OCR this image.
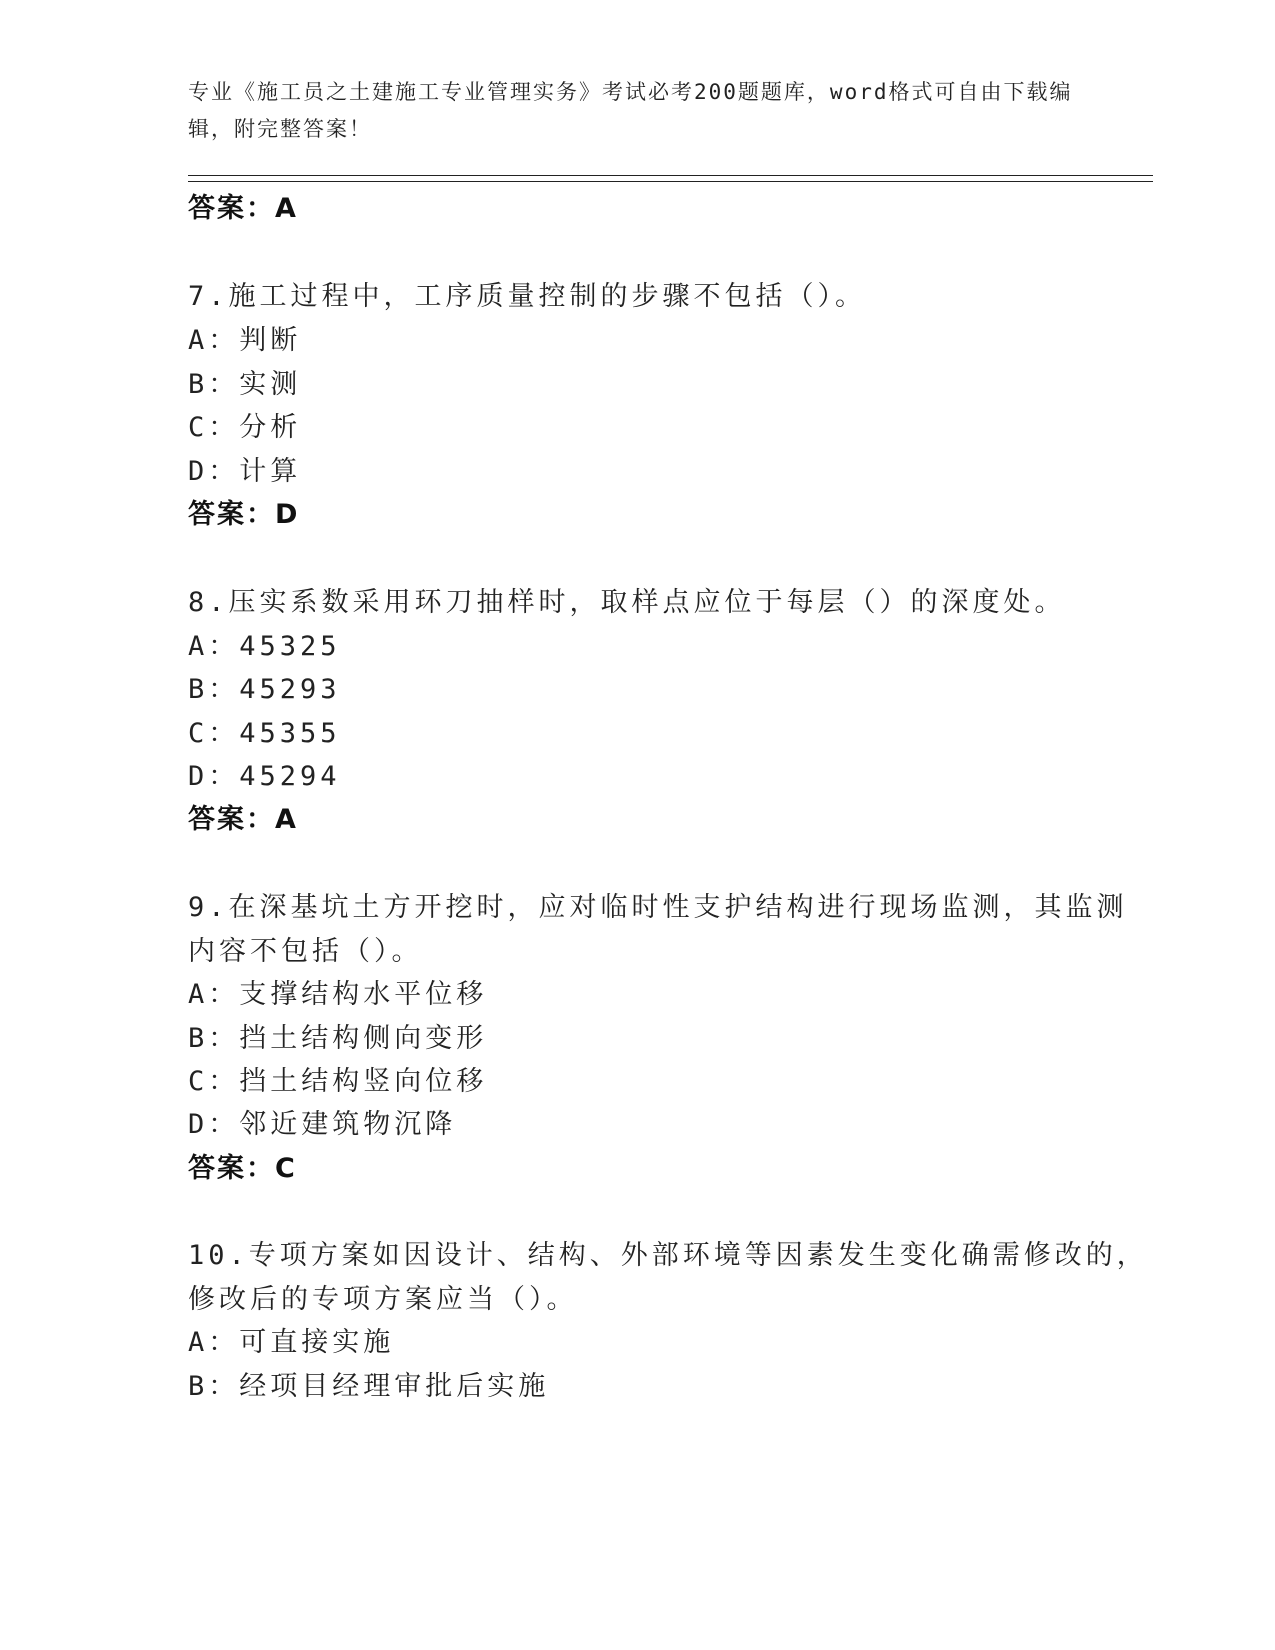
专业《施工员之土建施工专业管理实务》考试必考200题题库，word格式可自由下载编辑，附完整答案！
答案：A
7.施工过程中，工序质量控制的步骤不包括（）。
A：判断
B：实测
C：分析
D：计算
答案：D
8.压实系数采用环刀抽样时，取样点应位于每层（）的深度处。
A：45325
B：45293
C：45355
D：45294
答案：A
9.在深基坑土方开挖时，应对临时性支护结构进行现场监测，其监测
内容不包括（）。
A：支撑结构水平位移
B：挡土结构侧向变形
C：挡土结构竖向位移
D：邻近建筑物沉降
答案：C
10.专项方案如因设计、结构、外部环境等因素发生变化确需修改的，
修改后的专项方案应当（）。
A：可直接实施
B：经项目经理审批后实施
